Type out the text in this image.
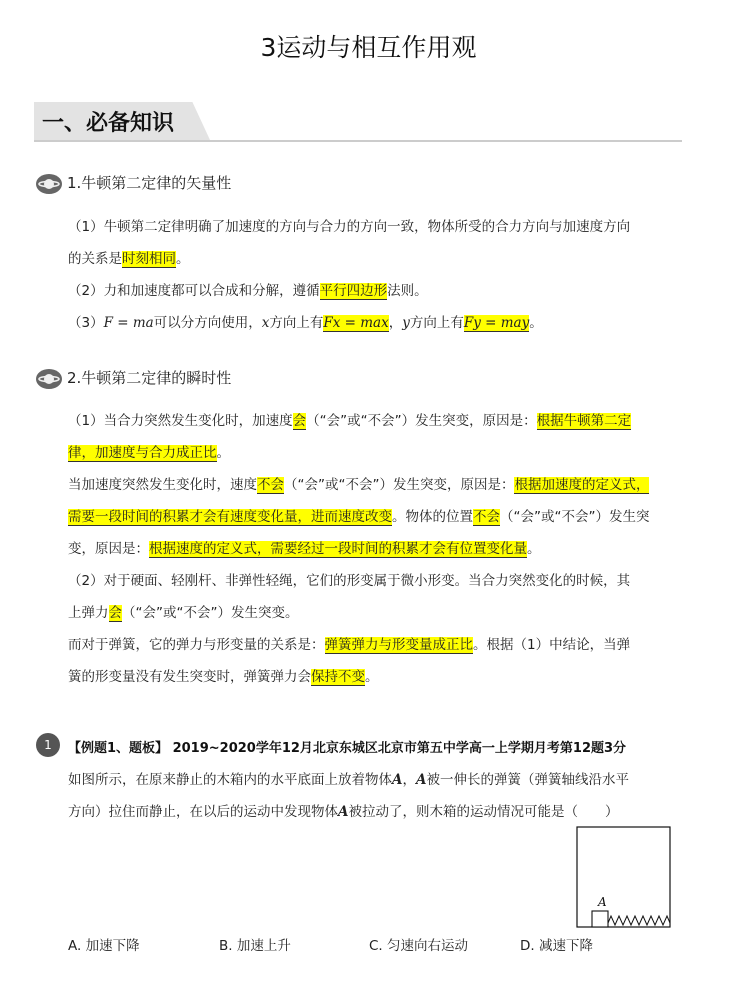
3运动与相互作用观
一、必备知识
1.牛顿第二定律的矢量性
（1）牛顿第二定律明确了加速度的方向与合力的方向一致，物体所受的合力方向与加速度方向
的关系是时刻相同。
（2）力和加速度都可以合成和分解，遵循平行四边形法则。
（3）F = ma可以分方向使用，x方向上有Fx = max，y方向上有Fy = may。
2.牛顿第二定律的瞬时性
（1）当合力突然发生变化时，加速度会（“会”或“不会”）发生突变，原因是：根据牛顿第二定
律，加速度与合力成正比。
当加速度突然发生变化时，速度不会（“会”或“不会”）发生突变，原因是：根据加速度的定义式，
需要一段时间的积累才会有速度变化量，进而速度改变。物体的位置不会（“会”或“不会”）发生突
变，原因是：根据速度的定义式，需要经过一段时间的积累才会有位置变化量。
（2）对于硬面、轻刚杆、非弹性轻绳，它们的形变属于微小形变。当合力突然变化的时候，其
上弹力会（“会”或“不会”）发生突变。
而对于弹簧，它的弹力与形变量的关系是：弹簧弹力与形变量成正比。根据（1）中结论，当弹
簧的形变量没有发生突变时，弹簧弹力会保持不变。
1	【例题1、题板】 2019~2020学年12月北京东城区北京市第五中学高一上学期月考第12题3分
如图所示，在原来静止的木箱内的水平底面上放着物体A，A被一伸长的弹簧（弹簧轴线沿水平
方向）拉住而静止，在以后的运动中发现物体A被拉动了，则木箱的运动情况可能是（　　）
A
A. 加速下降	B. 加速上升	C. 匀速向右运动	D. 减速下降
